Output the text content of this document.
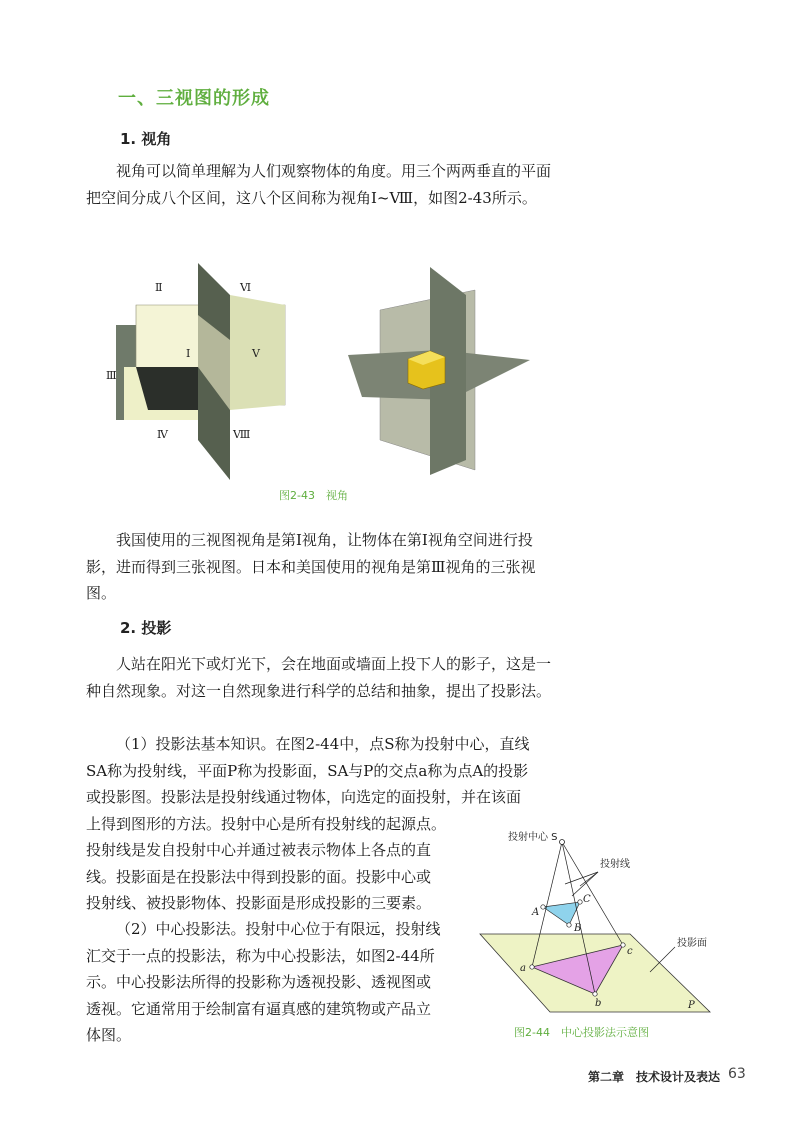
一、三视图的形成
1. 视角

视角可以简单理解为人们观察物体的角度。用三个两两垂直的平面把空间分成八个区间，这八个区间称为视角Ⅰ~Ⅷ，如图2-43所示。

Ⅱ	Ⅵ
Ⅰ	Ⅴ
Ⅲ
Ⅳ	Ⅷ
图2-43　视角

我国使用的三视图视角是第Ⅰ视角，让物体在第Ⅰ视角空间进行投影，进而得到三张视图。日本和美国使用的视角是第Ⅲ视角的三张视图。

2. 投影

人站在阳光下或灯光下，会在地面或墙面上投下人的影子，这是一种自然现象。对这一自然现象进行科学的总结和抽象，提出了投影法。

（1）投影法基本知识。在图2-44中，点S称为投射中心，直线
SA称为投射线，平面P称为投影面，SA与P的交点a称为点A的投影
或投影图。投影法是投射线通过物体，向选定的面投射，并在该面
上得到图形的方法。投射中心是所有投射线的起源点。
投射线是发自投射中心并通过被表示物体上各点的直
线。投影面是在投影法中得到投影的面。投影中心或
投射线、被投影物体、投影面是形成投影的三要素。
（2）中心投影法。投射中心位于有限远，投射线
汇交于一点的投影法，称为中心投影法，如图2-44所
示。中心投影法所得的投影称为透视投影、透视图或
透视。它通常用于绘制富有逼真感的建筑物或产品立
体图。
投射中心 S
投射线
投影面
A
C
B
a
c
b	P
图2-44　中心投影法示意图
第二章　技术设计及表达 63
